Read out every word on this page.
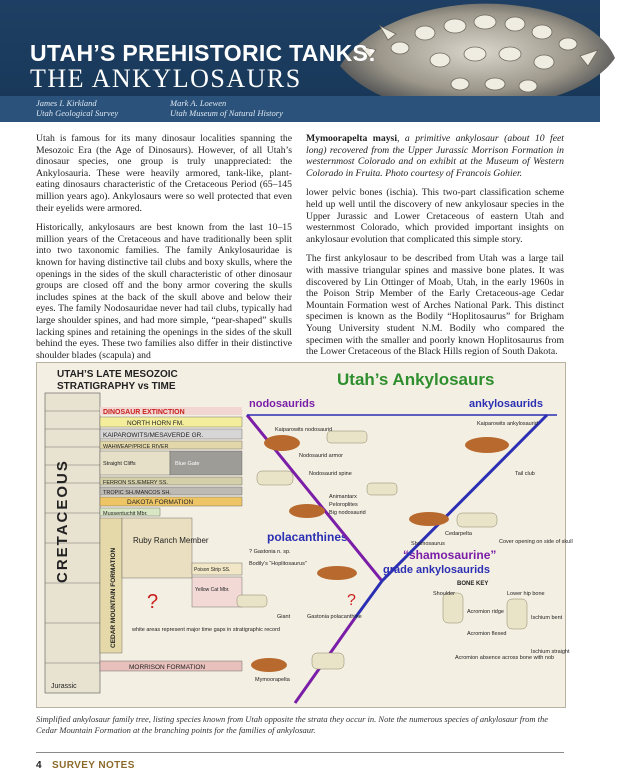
UTAH’S PREHISTORIC TANKS:
THE ANKYLOSAURS
James I. Kirkland
Utah Geological Survey
Mark A. Loewen
Utah Museum of Natural History

Utah is famous for its many dinosaur localities spanning the Mesozoic Era (the Age of Dinosaurs). However, of all Utah’s dinosaur species, one group is truly unappreciated: the Ankylosauria. These were heavily armored, tank-like, plant-eating dinosaurs characteristic of the Cretaceous Period (65–145 million years ago). Ankylosaurs were so well protected that even their eyelids were armored.

Historically, ankylosaurs are best known from the last 10–15 million years of the Cretaceous and have traditionally been split into two taxonomic families. The family Ankylosauridae is known for having distinctive tail clubs and boxy skulls, where the openings in the sides of the skull characteristic of other dinosaur groups are closed off and the bony armor covering the skulls includes spines at the back of the skull above and below their eyes. The family Nodosauridae never had tail clubs, typically had large shoulder spines, and had more simple, “pear-shaped” skulls lacking spines and retaining the openings in the sides of the skull behind the eyes. These two families also differ in their distinctive shoulder blades (scapula) and

Mymoorapelta maysi, a primitive ankylosaur (about 10 feet long) recovered from the Upper Jurassic Morrison Formation in westernmost Colorado and on exhibit at the Museum of Western Colorado in Fruita. Photo courtesy of Francois Gohier.

lower pelvic bones (ischia). This two-part classification scheme held up well until the discovery of new ankylosaur species in the Upper Jurassic and Lower Cretaceous of eastern Utah and westernmost Colorado, which provided important insights on ankylosaur evolution that complicated this simple story.

The first ankylosaur to be described from Utah was a large tail with massive triangular spines and massive bone plates. It was discovered by Lin Ottinger of Moab, Utah, in the early 1960s in the Poison Strip Member of the Early Cretaceous-age Cedar Mountain Formation west of Arches National Park. This distinct specimen is known as the Bodily “Hoplitosaurus” for Brigham Young University student N.M. Bodily who compared the specimen with the smaller and poorly known Hoplitosaurus from the Lower Cretaceous of the Black Hills region of South Dakota.

UTAH’S LATE MESOZOIC
STRATIGRAPHY vs TIME
CRETACEOUS
Jurassic
DINOSAUR EXTINCTION
NORTH HORN FM.
KAIPAROWITS/MESAVERDE GR.
WAHWEAP/PRICE RIVER
Straight Cliffs	Blue Gate
FERRON SS./EMERY SS.
TROPIC SH./MANCOS SH.
DAKOTA FORMATION
Mussentuchit Mbr.
CEDAR MOUNTAIN FORMATION
Ruby Ranch Member
Poison Strip SS.
Yellow Cat Mbr.
MORRISON FORMATION
?
white areas represent major time gaps in stratigraphic record
Utah’s Ankylosaurs
nodosaurids	ankylosaurids
polacanthines
“shamosaurine”
grade ankylosaurids
?
Kaiparowits nodosaurid
Nodosaurid armor
Nodosaurid spine
Animantarx
Peloroplites
Big nodosaurid
Kaiparowits ankylosaurid
Tail club
Cedarpelta
Cover opening on side of skull
Shamosaurus
? Gastonia n. sp.
Bodily’s “Hoplitosaurus”
Gastonia polacanthine
Giant
Mymoorapelta
BONE KEY
Shoulder
Acromion ridge
Acromion flexed
Acromion absence across bone with nob
Lower hip bone
Ischium bent
Ischium straight
Simplified ankylosaur family tree, listing species known from Utah opposite the strata they occur in. Note the numerous species of ankylosaur from the Cedar Mountain Formation at the branching points for the families of ankylosaur.
4 SURVEY NOTES
